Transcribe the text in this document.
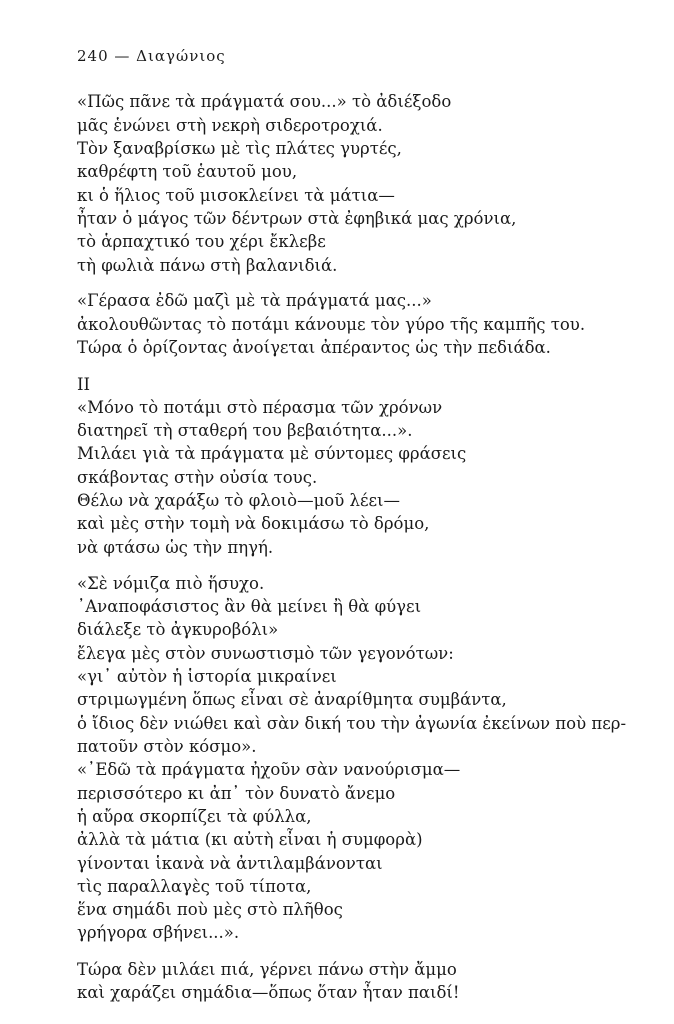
240 — Διαγώνιος
«Πῶς πᾶνε τὰ πράγματά σου...» τὸ ἀδιέξοδο
μᾶς ἑνώνει στὴ νεκρὴ σιδεροτροχιά.
Τὸν ξαναβρίσκω μὲ τὶς πλάτες γυρτές,
καθρέφτη τοῦ ἑαυτοῦ μου,
κι ὁ ἥλιος τοῦ μισοκλείνει τὰ μάτια—
ἦταν ὁ μάγος τῶν δέντρων στὰ ἐφηβικά μας χρόνια,
τὸ ἁρπαχτικό του χέρι ἔκλεβε
τὴ φωλιὰ πάνω στὴ βαλανιδιά.
«Γέρασα ἐδῶ μαζὶ μὲ τὰ πράγματά μας...»
ἀκολουθῶντας τὸ ποτάμι κάνουμε τὸν γύρο τῆς καμπῆς του.
Τώρα ὁ ὁρίζοντας ἀνοίγεται ἀπέραντος ὡς τὴν πεδιάδα.
ΙΙ
«Μόνο τὸ ποτάμι στὸ πέρασμα τῶν χρόνων
διατηρεῖ τὴ σταθερή του βεβαιότητα...».
Μιλάει γιὰ τὰ πράγματα μὲ σύντομες φράσεις
σκάβοντας στὴν οὐσία τους.
Θέλω νὰ χαράξω τὸ φλοιὸ—μοῦ λέει—
καὶ μὲς στὴν τομὴ νὰ δοκιμάσω τὸ δρόμο,
νὰ φτάσω ὡς τὴν πηγή.
«Σὲ νόμιζα πιὸ ἥσυχο.
᾿Αναποφάσιστος ἂν θὰ μείνει ἢ θὰ φύγει
διάλεξε τὸ ἀγκυροβόλι»
ἔλεγα μὲς στὸν συνωστισμὸ τῶν γεγονότων:
«γι᾿ αὐτὸν ἡ ἱστορία μικραίνει
στριμωγμένη ὅπως εἶναι σὲ ἀναρίθμητα συμβάντα,
ὁ ἴδιος δὲν νιώθει καὶ σὰν δική του τὴν ἀγωνία ἐκείνων ποὺ περ-
πατοῦν στὸν κόσμο».
«᾿Εδῶ τὰ πράγματα ἠχοῦν σὰν νανούρισμα—
περισσότερο κι ἀπ᾿ τὸν δυνατὸ ἄνεμο
ἡ αὔρα σκορπίζει τὰ φύλλα,
ἀλλὰ τὰ μάτια (κι αὐτὴ εἶναι ἡ συμφορὰ)
γίνονται ἱκανὰ νὰ ἀντιλαμβάνονται
τὶς παραλλαγὲς τοῦ τίποτα,
ἕνα σημάδι ποὺ μὲς στὸ πλῆθος
γρήγορα σβήνει...».
Τώρα δὲν μιλάει πιά, γέρνει πάνω στὴν ἄμμο
καὶ χαράζει σημάδια—ὅπως ὅταν ἦταν παιδί!
